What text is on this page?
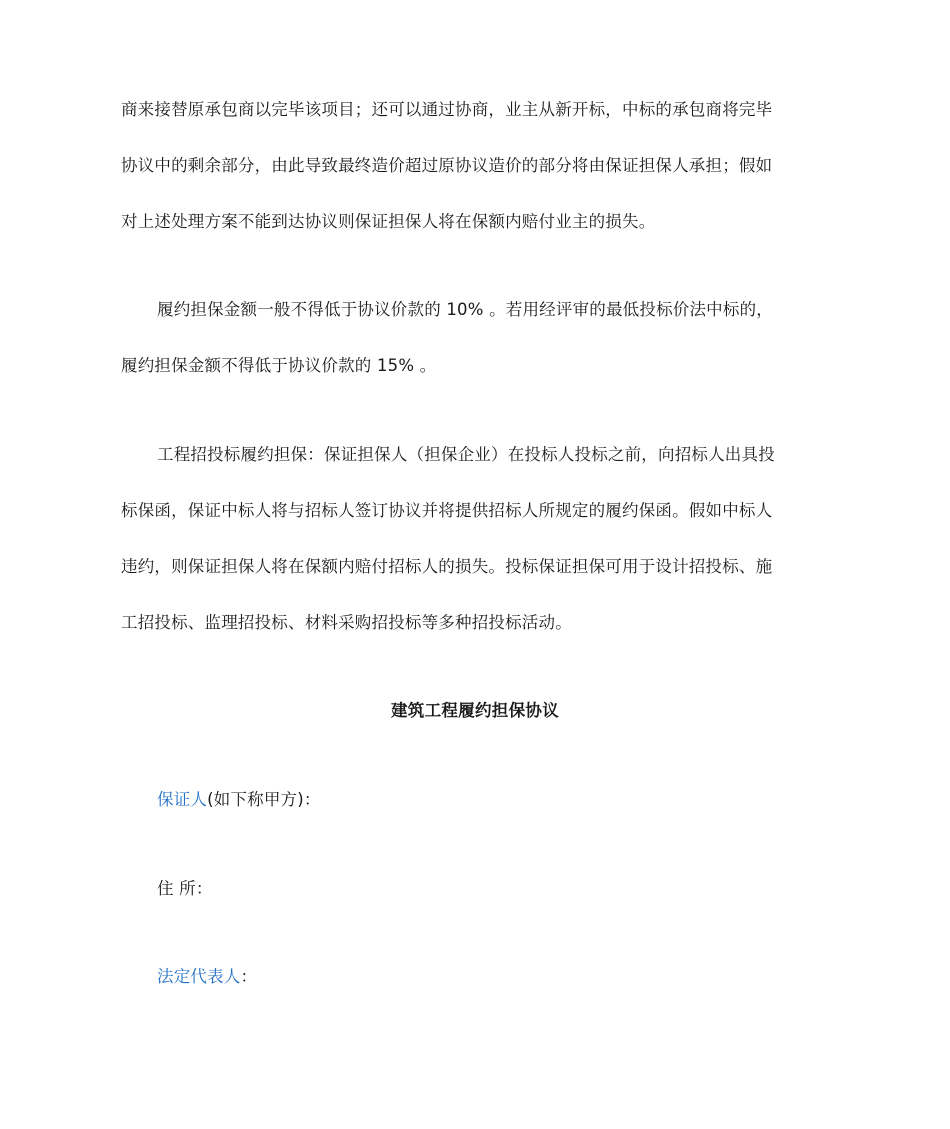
商来接替原承包商以完毕该项目；还可以通过协商，业主从新开标，中标的承包商将完毕
协议中的剩余部分，由此导致最终造价超过原协议造价的部分将由保证担保人承担；假如
对上述处理方案不能到达协议则保证担保人将在保额内赔付业主的损失。
履约担保金额一般不得低于协议价款的 10% 。若用经评审的最低投标价法中标的，
履约担保金额不得低于协议价款的 15% 。
工程招投标履约担保：保证担保人（担保企业）在投标人投标之前，向招标人出具投
标保函，保证中标人将与招标人签订协议并将提供招标人所规定的履约保函。假如中标人
违约，则保证担保人将在保额内赔付招标人的损失。投标保证担保可用于设计招投标、施
工招投标、监理招投标、材料采购招投标等多种招投标活动。
建筑工程履约担保协议
保证人(如下称甲方)：
住 所：
法定代表人：
